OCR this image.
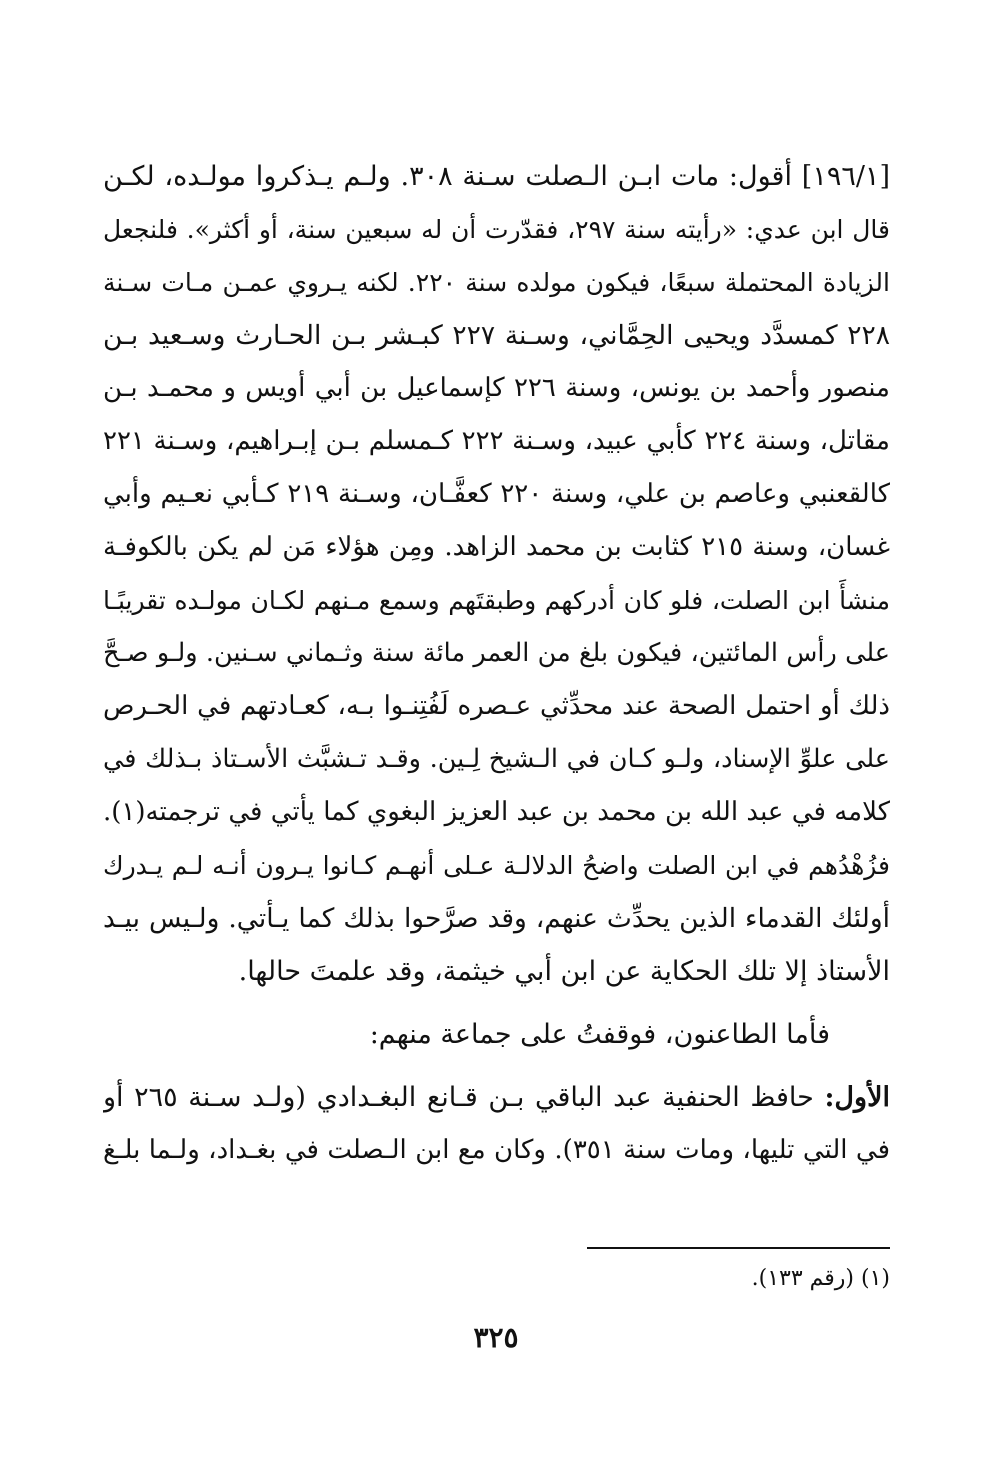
[١٩٦/١] أقول: مات ابـن الـصلت سـنة ٣٠٨. ولـم يـذكروا مولـده، لكـن
قال ابن عدي: «رأيته سنة ٢٩٧، فقدّرت أن له سبعين سنة، أو أكثر». فلنجعل
الزيادة المحتملة سبعًا، فيكون مولده سنة ٢٢٠. لكنه يـروي عمـن مـات سـنة
٢٢٨ كمسدَّد ويحيى الحِمَّاني، وسـنة ٢٢٧ كبـشر بـن الحـارث وسـعيد بـن
منصور وأحمد بن يونس، وسنة ٢٢٦ كإسماعيل بن أبي أويس و محمـد بـن
مقاتل، وسنة ٢٢٤ كأبي عبيد، وسـنة ٢٢٢ كـمسلم بـن إبـراهيم، وسـنة ٢٢١
كالقعنبي وعاصم بن علي، وسنة ٢٢٠ كعفَّـان، وسـنة ٢١٩ كـأبي نعـيم وأبي
غسان، وسنة ٢١٥ كثابت بن محمد الزاهد. ومِن هؤلاء مَن لم يكن بالكوفـة
منشأَ ابن الصلت، فلو كان أدركهم وطبقتَهم وسمع مـنهم لكـان مولـده تقريبًـا
على رأس المائتين، فيكون بلغ من العمر مائة سنة وثـماني سـنين. ولـو صـحَّ
ذلك أو احتمل الصحة عند محدِّثي عـصره لَفُتِنـوا بـه، كعـادتهم في الحـرص
على علوِّ الإسناد، ولـو كـان في الـشيخ لِـين. وقـد تـشبَّث الأسـتاذ بـذلك في
كلامه في عبد الله بن محمد بن عبد العزيز البغوي كما يأتي في ترجمته(١).
فزُهْدُهم في ابن الصلت واضحُ الدلالـة عـلى أنهـم كـانوا يـرون أنـه لـم يـدرك
أولئك القدماء الذين يحدِّث عنهم، وقد صرَّحوا بذلك كما يـأتي. ولـيس بيـد
الأستاذ إلا تلك الحكاية عن ابن أبي خيثمة، وقد علمتَ حالها.
فأما الطاعنون، فوقفتُ على جماعة منهم:
الأول: حافظ الحنفية عبد الباقي بـن قـانع البغـدادي (ولـد سـنة ٢٦٥ أو
في التي تليها، ومات سنة ٣٥١). وكان مع ابن الـصلت في بغـداد، ولـما بلـغ
(١) (رقم ١٣٣).
٣٢٥
